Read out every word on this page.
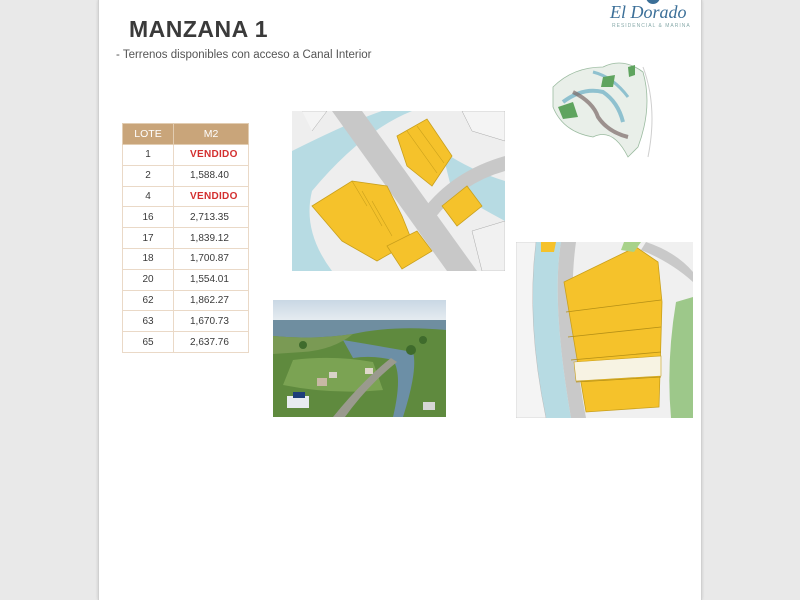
MANZANA 1
- Terrenos disponibles con acceso a Canal Interior
El Dorado
RESIDENCIAL & MARINA
LOTE	M2
1	VENDIDO
2	1,588.40
4	VENDIDO
16	2,713.35
17	1,839.12
18	1,700.87
20	1,554.01
62	1,862.27
63	1,670.73
65	2,637.76
